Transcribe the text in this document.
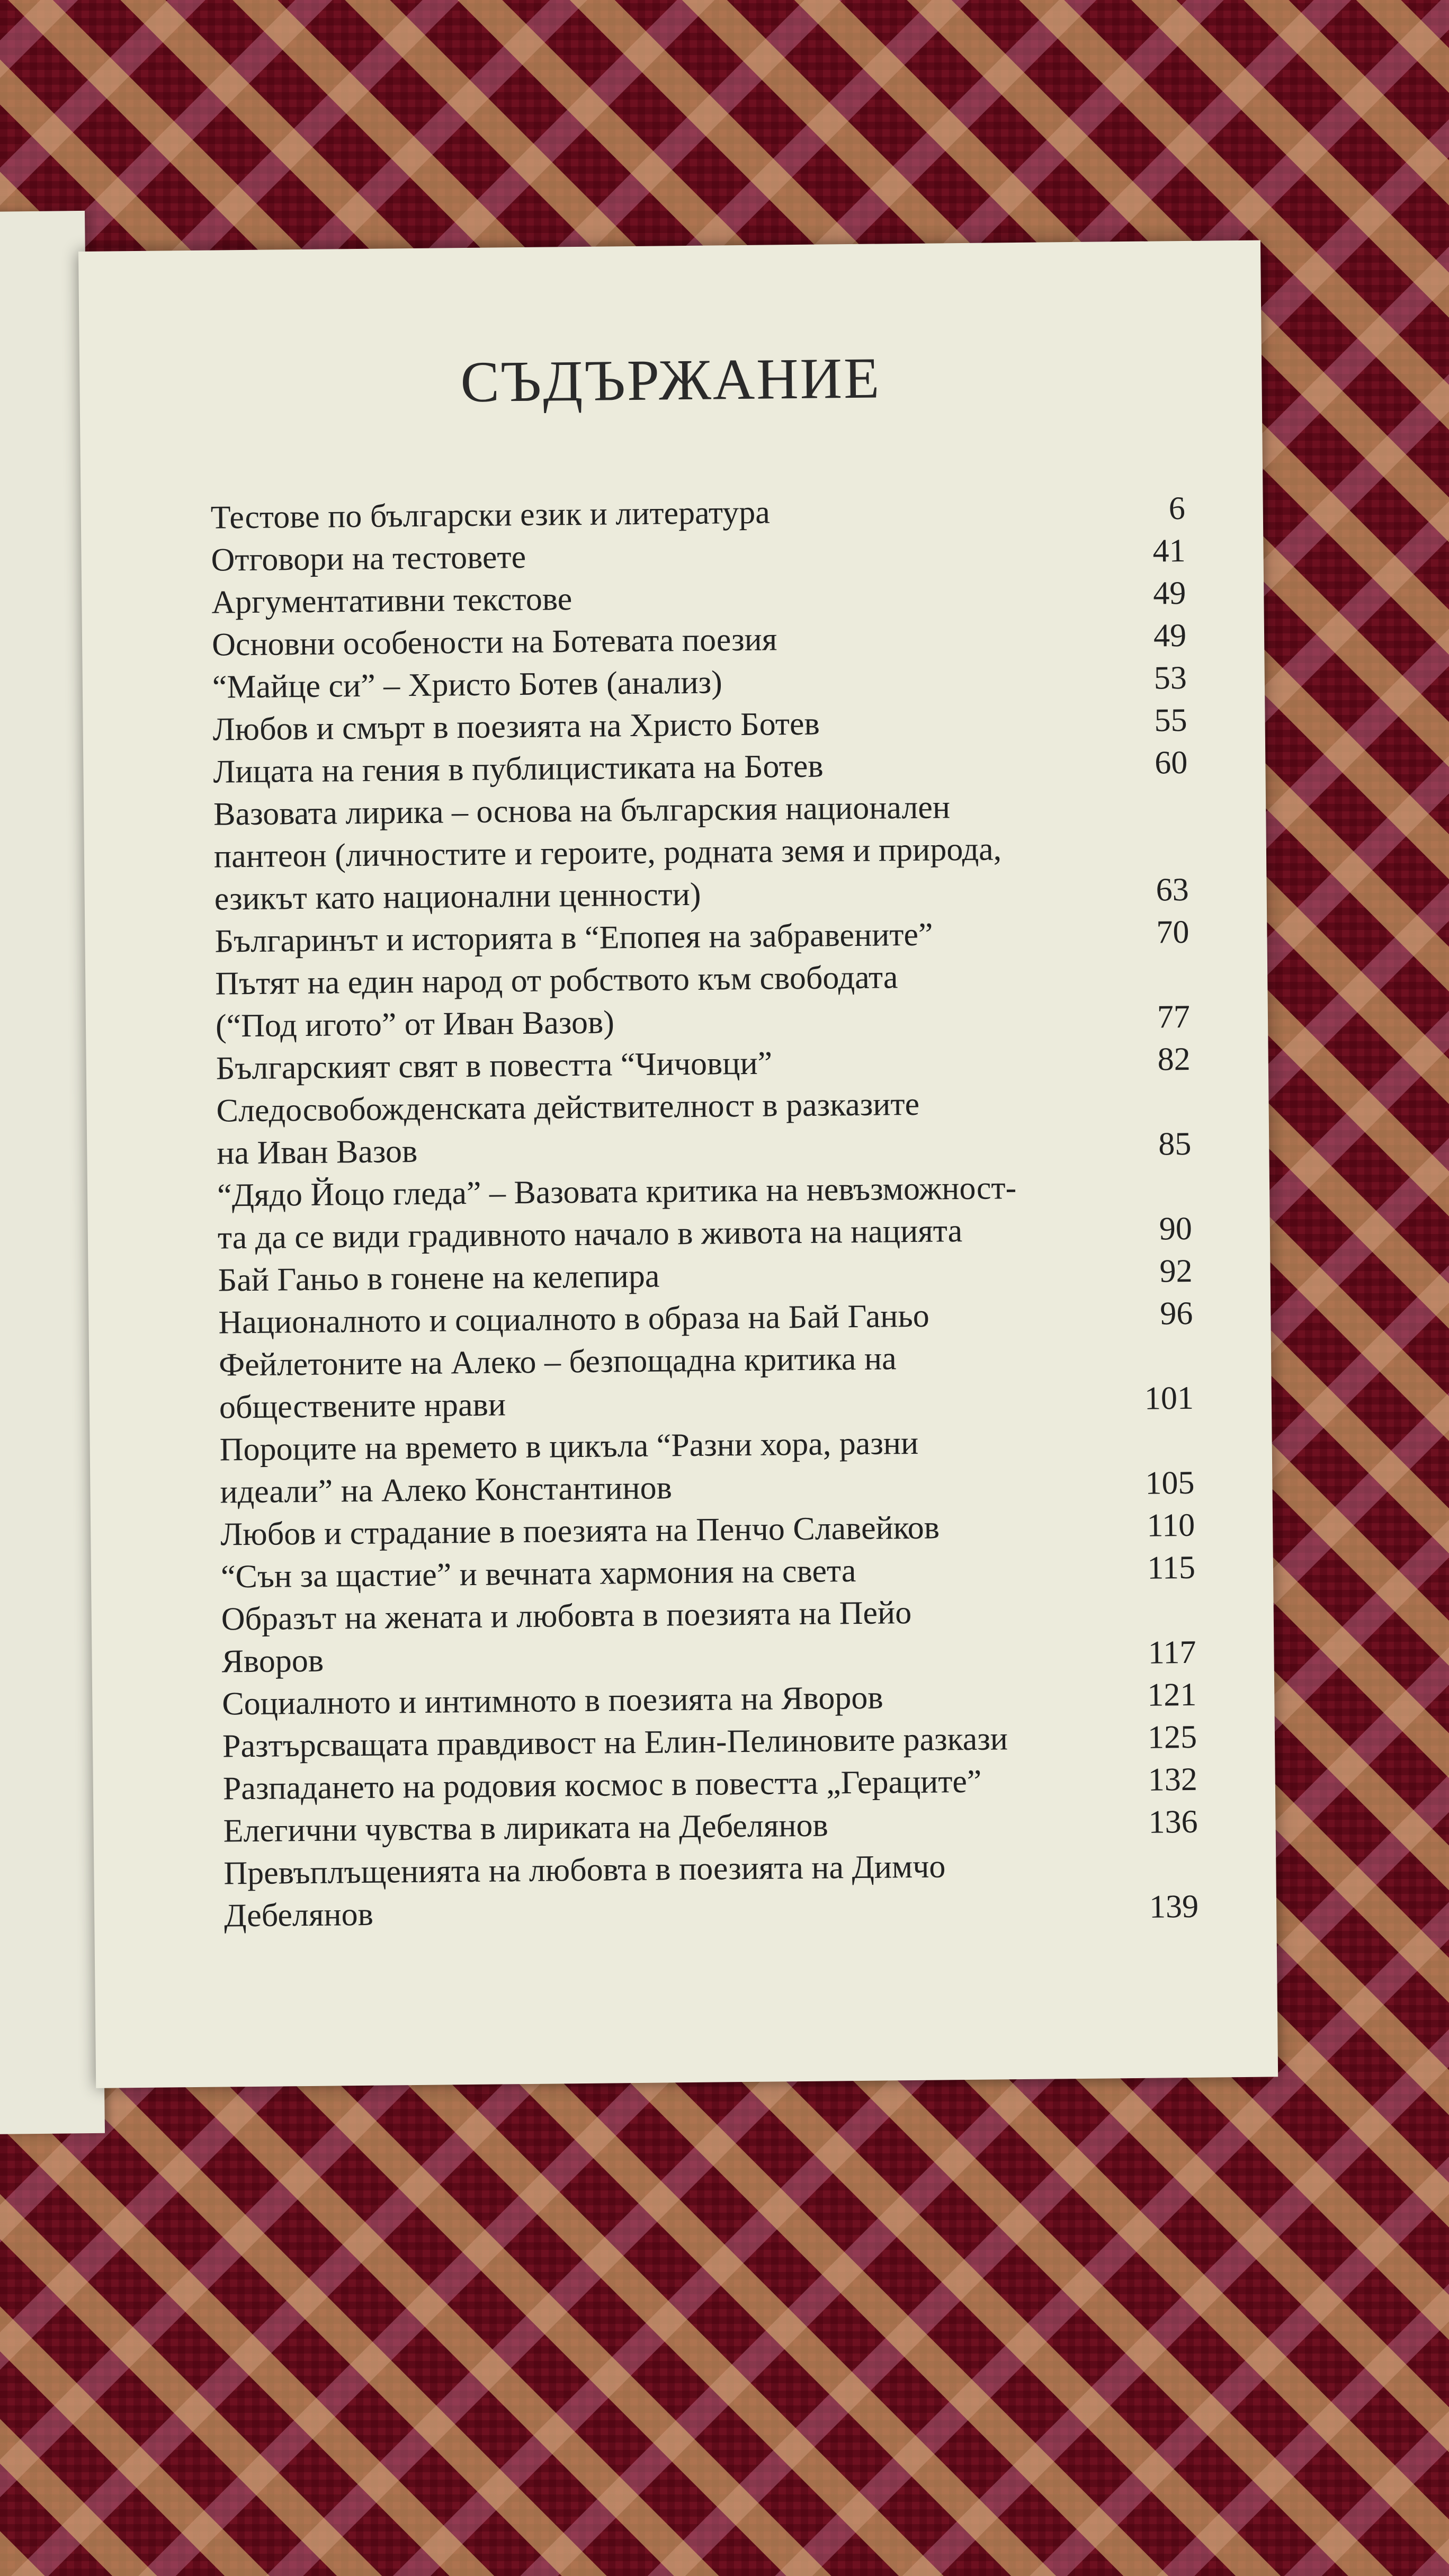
СЪДЪРЖАНИЕ
Тестове по български език и литература	6
Отговори на тестовете	41
Аргументативни текстове	49
Основни особености на Ботевата поезия	49
“Майце си” – Христо Ботев (анализ)	53
Любов и смърт в поезията на Христо Ботев	55
Лицата на гения в публицистиката на Ботев	60
Вазовата лирика – основа на българския национален
пантеон (личностите и героите, родната земя и природа,
езикът като национални ценности)	63
Българинът и историята в “Епопея на забравените”	70
Пътят на един народ от робството към свободата
(“Под игото” от Иван Вазов)	77
Българският свят в повестта “Чичовци”	82
Следосвобожденската действителност в разказите
на Иван Вазов	85
“Дядо Йоцо гледа” – Вазовата критика на невъзможност-
та да се види градивното начало в живота на нацията	90
Бай Ганьо в гонене на келепира	92
Националното и социалното в образа на Бай Ганьо	96
Фейлетоните на Алеко – безпощадна критика на
обществените нрави	101
Пороците на времето в цикъла “Разни хора, разни
идеали” на Алеко Константинов	105
Любов и страдание в поезията на Пенчо Славейков	110
“Сън за щастие” и вечната хармония на света	115
Образът на жената и любовта в поезията на Пейо
Яворов	117
Социалното и интимното в поезията на Яворов	121
Разтърсващата правдивост на Елин-Пелиновите разкази	125
Разпадането на родовия космос в повестта „Гераците”	132
Елегични чувства в лириката на Дебелянов	136
Превъплъщенията на любовта в поезията на Димчо
Дебелянов	139
